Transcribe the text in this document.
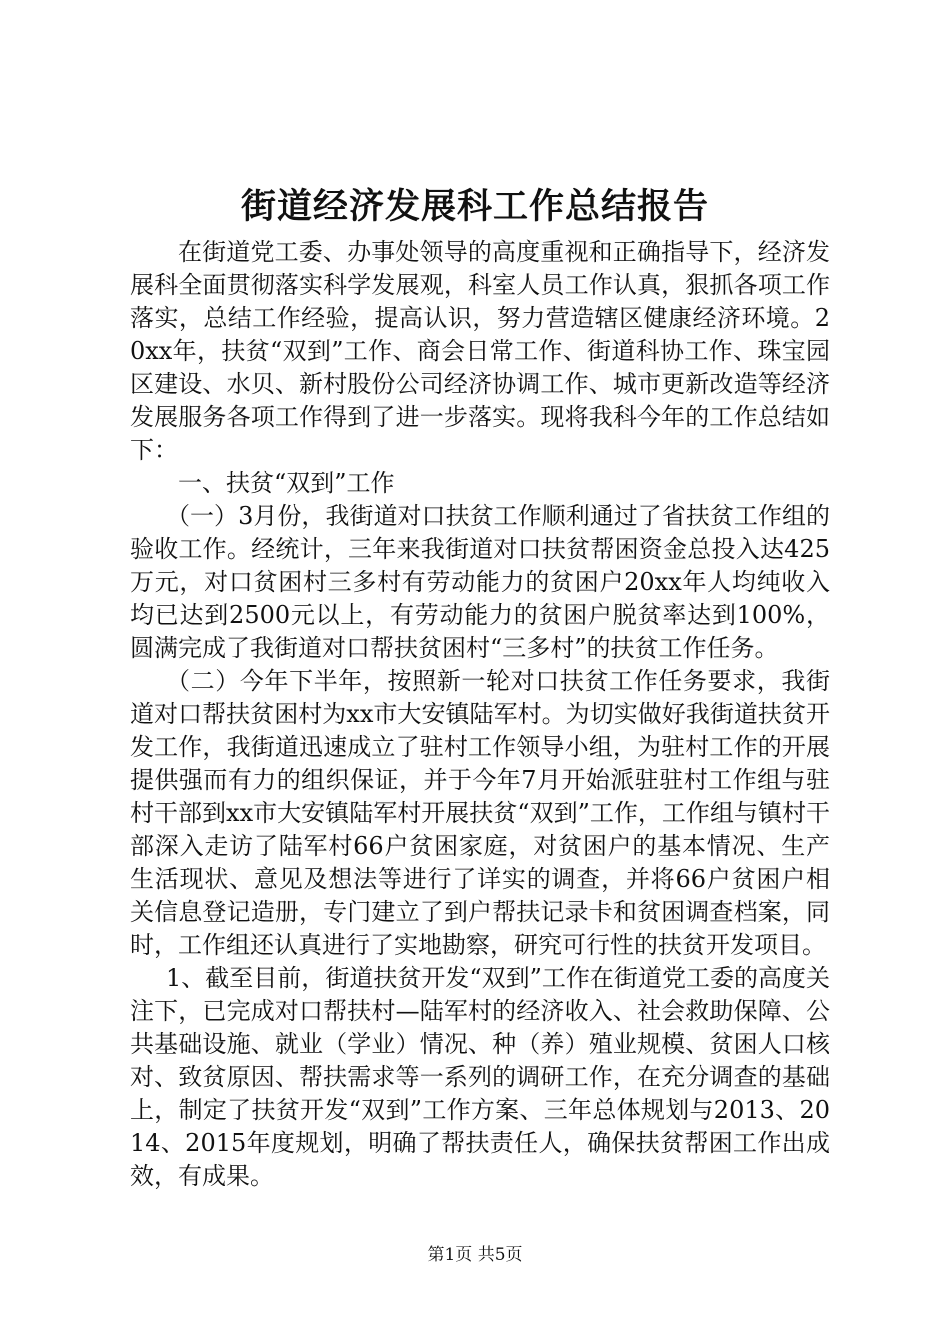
街道经济发展科工作总结报告

在街道党工委、办事处领导的高度重视和正确指导下，经济发展科全面贯彻落实科学发展观，科室人员工作认真，狠抓各项工作落实，总结工作经验，提高认识，努力营造辖区健康经济环境。20xx年，扶贫“双到”工作、商会日常工作、街道科协工作、珠宝园区建设、水贝、新村股份公司经济协调工作、城市更新改造等经济发展服务各项工作得到了进一步落实。现将我科今年的工作总结如下：

一、扶贫“双到”工作

（一）3月份，我街道对口扶贫工作顺利通过了省扶贫工作组的验收工作。经统计，三年来我街道对口扶贫帮困资金总投入达425万元，对口贫困村三多村有劳动能力的贫困户20xx年人均纯收入均已达到2500元以上，有劳动能力的贫困户脱贫率达到100%，圆满完成了我街道对口帮扶贫困村“三多村”的扶贫工作任务。

（二）今年下半年，按照新一轮对口扶贫工作任务要求，我街道对口帮扶贫困村为xx市大安镇陆军村。为切实做好我街道扶贫开发工作，我街道迅速成立了驻村工作领导小组，为驻村工作的开展提供强而有力的组织保证，并于今年7月开始派驻驻村工作组与驻村干部到xx市大安镇陆军村开展扶贫“双到”工作，工作组与镇村干部深入走访了陆军村66户贫困家庭，对贫困户的基本情况、生产生活现状、意见及想法等进行了详实的调查，并将66户贫困户相关信息登记造册，专门建立了到户帮扶记录卡和贫困调查档案，同时，工作组还认真进行了实地勘察，研究可行性的扶贫开发项目。

1、截至目前，街道扶贫开发“双到”工作在街道党工委的高度关注下，已完成对口帮扶村—陆军村的经济收入、社会救助保障、公共基础设施、就业（学业）情况、种（养）殖业规模、贫困人口核对、致贫原因、帮扶需求等一系列的调研工作，在充分调查的基础上，制定了扶贫开发“双到”工作方案、三年总体规划与2013、2014、2015年度规划，明确了帮扶责任人，确保扶贫帮困工作出成效，有成果。

第1页 共5页
